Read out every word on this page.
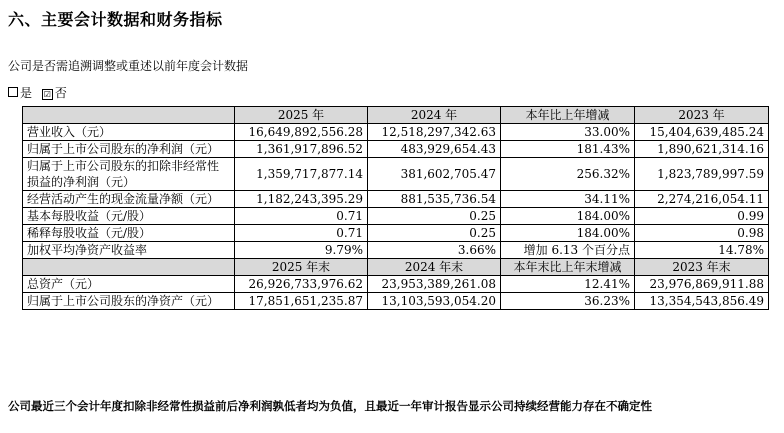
六、主要会计数据和财务指标
公司是否需追溯调整或重述以前年度会计数据
是 ☑ 否
	2025 年	2024 年	本年比上年增减	2023 年
营业收入（元）	16,649,892,556.28	12,518,297,342.63	33.00%	15,404,639,485.24
归属于上市公司股东的净利润（元）	1,361,917,896.52	483,929,654.43	181.43%	1,890,621,314.16
归属于上市公司股东的扣除非经常性损益的净利润（元）	1,359,717,877.14	381,602,705.47	256.32%	1,823,789,997.59
经营活动产生的现金流量净额（元）	1,182,243,395.29	881,535,736.54	34.11%	2,274,216,054.11
基本每股收益（元/股）	0.71	0.25	184.00%	0.99
稀释每股收益（元/股）	0.71	0.25	184.00%	0.98
加权平均净资产收益率	9.79%	3.66%	增加 6.13 个百分点	14.78%
	2025 年末	2024 年末	本年末比上年末增减	2023 年末
总资产（元）	26,926,733,976.62	23,953,389,261.08	12.41%	23,976,869,911.88
归属于上市公司股东的净资产（元）	17,851,651,235.87	13,103,593,054.20	36.23%	13,354,543,856.49
公司最近三个会计年度扣除非经常性损益前后净利润孰低者均为负值，且最近一年审计报告显示公司持续经营能力存在不确定性
